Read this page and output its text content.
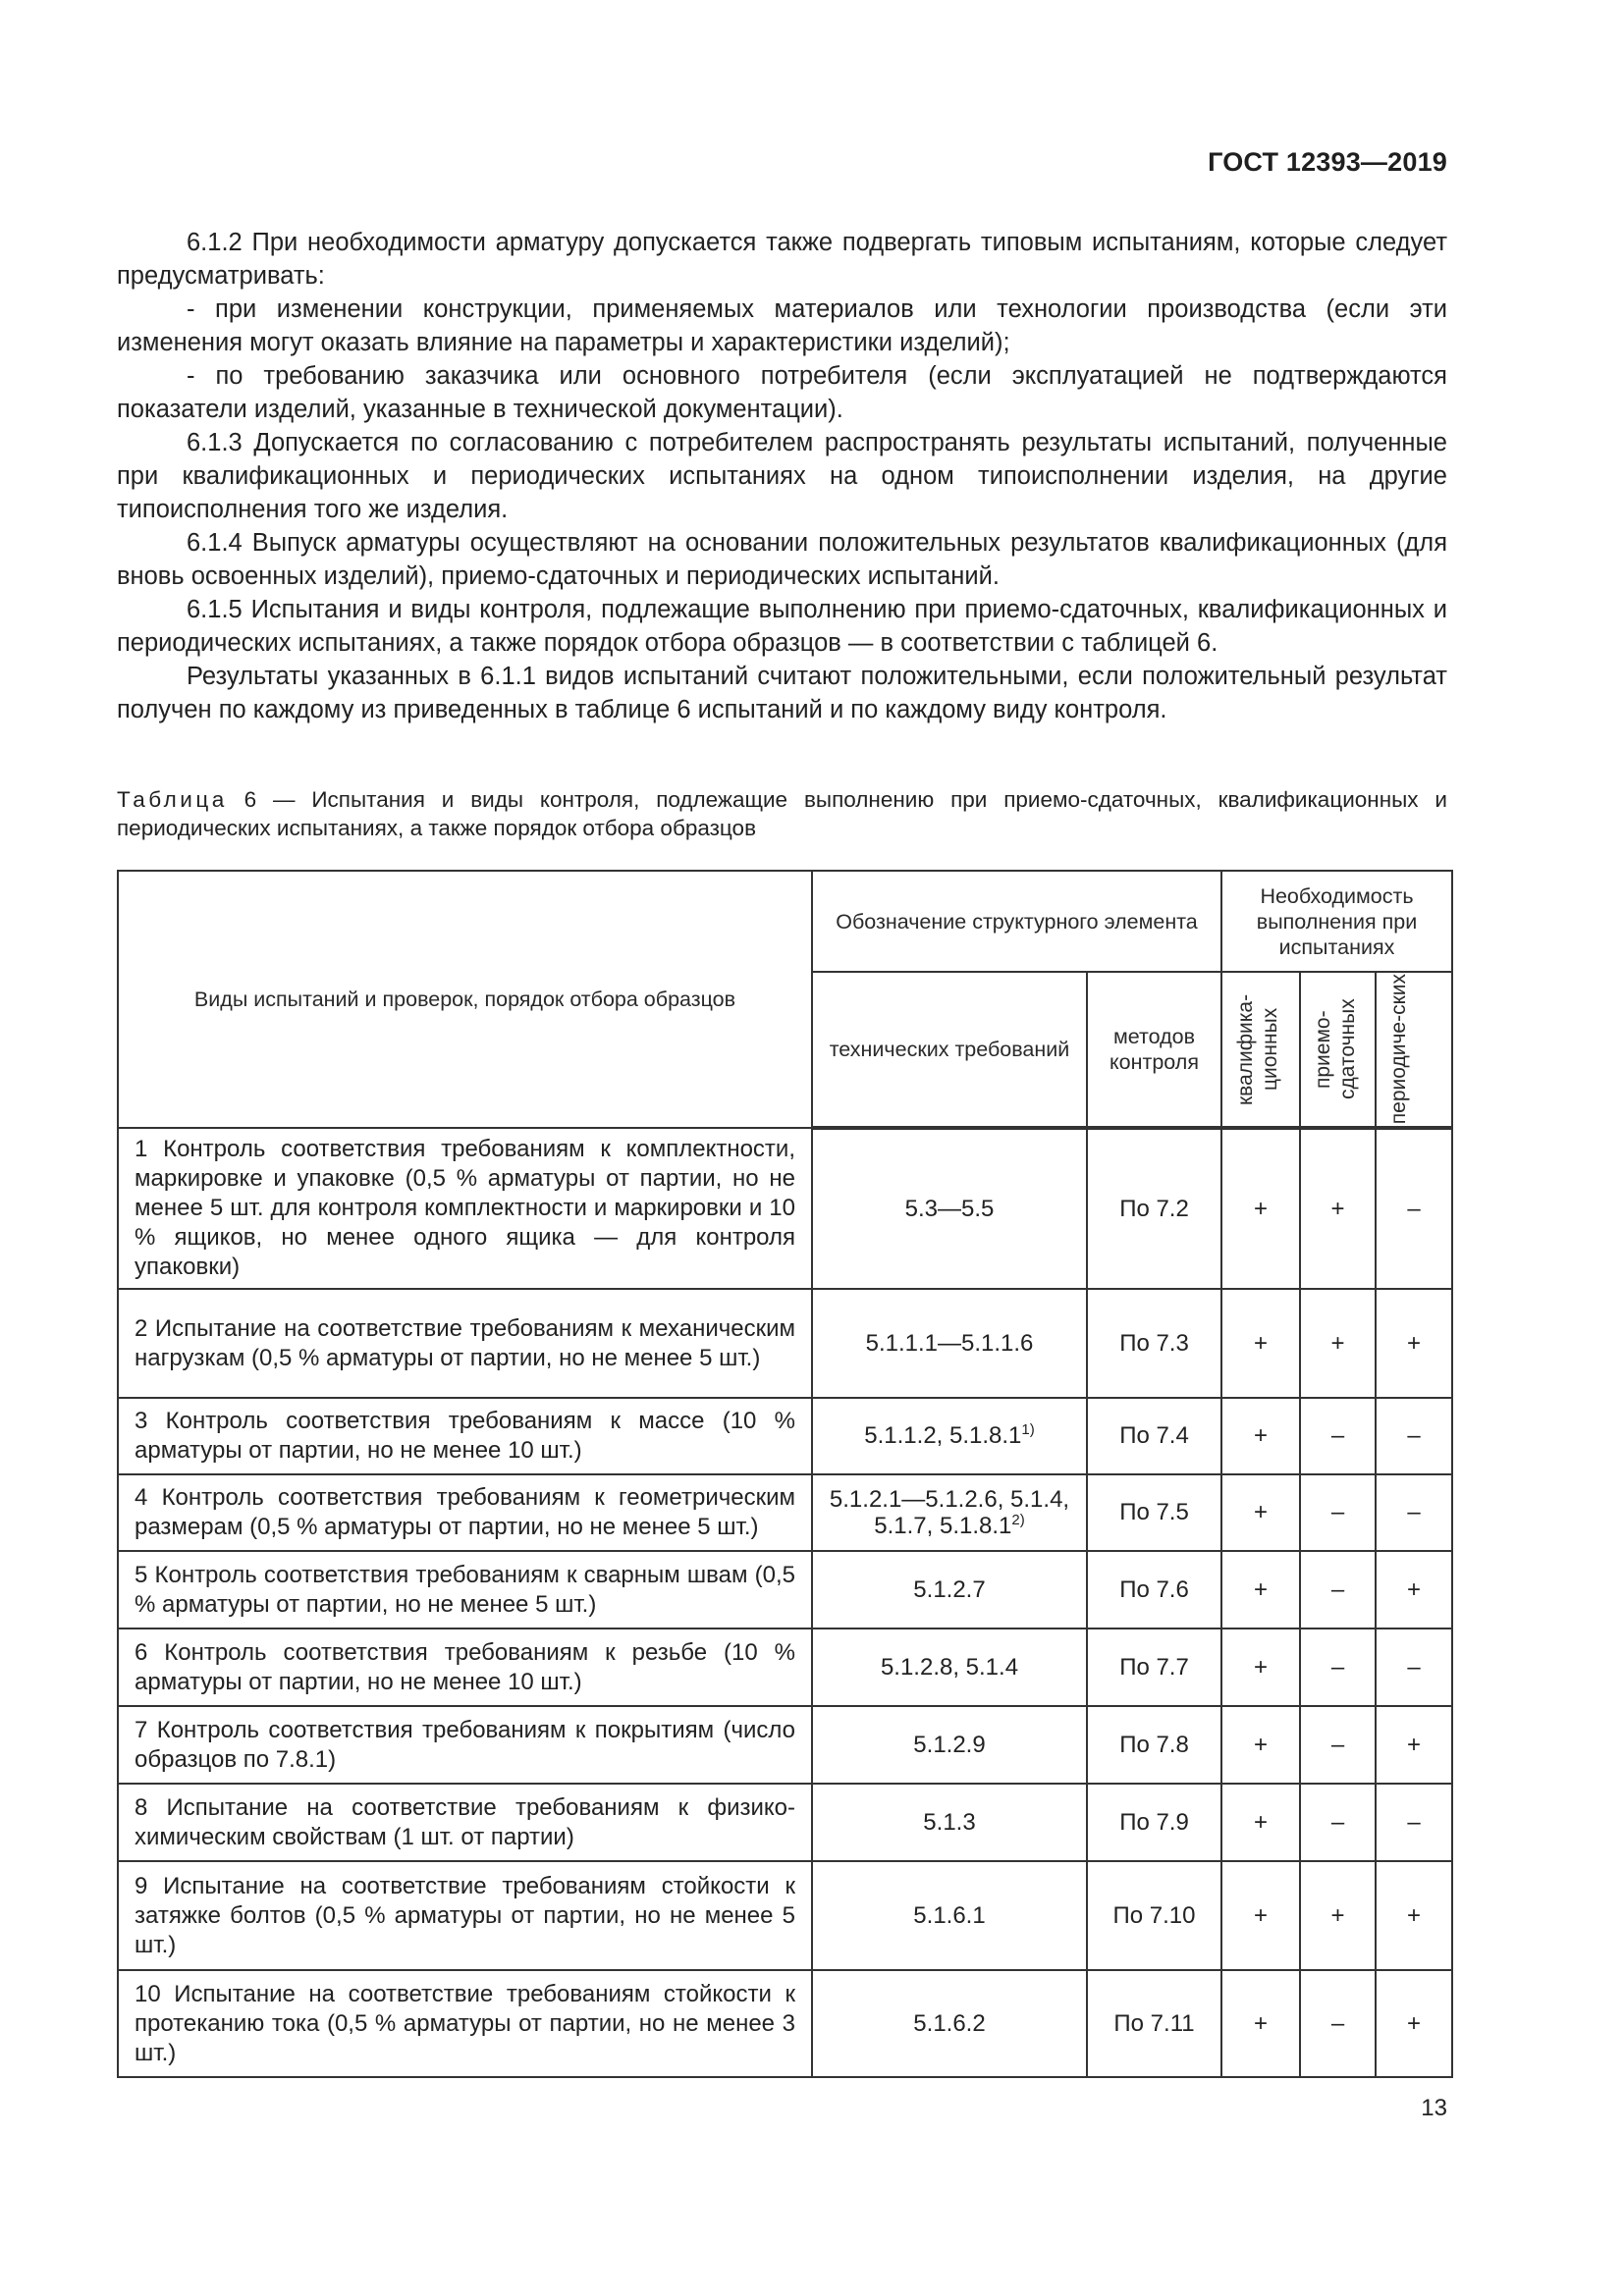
ГОСТ 12393—2019

6.1.2 При необходимости арматуру допускается также подвергать типовым испытаниям, которые следует предусматривать:

- при изменении конструкции, применяемых материалов или технологии производства (если эти изменения могут оказать влияние на параметры и характеристики изделий);

- по требованию заказчика или основного потребителя (если эксплуатацией не подтверждаются показатели изделий, указанные в технической документации).

6.1.3 Допускается по согласованию с потребителем распространять результаты испытаний, полученные при квалификационных и периодических испытаниях на одном типоисполнении изделия, на другие типоисполнения того же изделия.

6.1.4 Выпуск арматуры осуществляют на основании положительных результатов квалификационных (для вновь освоенных изделий), приемо-сдаточных и периодических испытаний.

6.1.5 Испытания и виды контроля, подлежащие выполнению при приемо-сдаточных, квалификационных и периодических испытаниях, а также порядок отбора образцов — в соответствии с таблицей 6.

Результаты указанных в 6.1.1 видов испытаний считают положительными, если положительный результат получен по каждому из приведенных в таблице 6 испытаний и по каждому виду контроля.

Таблица 6 — Испытания и виды контроля, подлежащие выполнению при приемо-сдаточных, квалификационных и периодических испытаниях, а также порядок отбора образцов
Виды испытаний и проверок, порядок отбора образцов	Обозначение структурного элемента		Необходимость выполнения при испытаниях		
	технических требований	методов контроля	квалифика-ционных	приемо-сдаточных	периодиче-ских

1 Контроль соответствия требованиям к комплектности, маркировке и упаковке (0,5 % арматуры от партии, но не менее 5 шт. для контроля комплектности и маркировки и 10 % ящиков, но менее одного ящика — для контроля упаковки)	5.3—5.5	По 7.2	+	+	–
2 Испытание на соответствие требованиям к механическим нагрузкам (0,5 % арматуры от партии, но не менее 5 шт.)	5.1.1.1—5.1.1.6	По 7.3	+	+	+
3 Контроль соответствия требованиям к массе (10 % арматуры от партии, но не менее 10 шт.)	5.1.1.2, 5.1.8.1$^{1)}$	По 7.4	+	–	–
4 Контроль соответствия требованиям к геометрическим размерам (0,5 % арматуры от партии, но не менее 5 шт.)	5.1.2.1—5.1.2.6, 5.1.4, 5.1.7, 5.1.8.1$^{2)}$	По 7.5	+	–	–
5 Контроль соответствия требованиям к сварным швам (0,5 % арматуры от партии, но не менее 5 шт.)	5.1.2.7	По 7.6	+	–	+
6 Контроль соответствия требованиям к резьбе (10 % арматуры от партии, но не менее 10 шт.)	5.1.2.8, 5.1.4	По 7.7	+	–	–
7 Контроль соответствия требованиям к покрытиям (число образцов по 7.8.1)	5.1.2.9	По 7.8	+	–	+
8 Испытание на соответствие требованиям к физико-химическим свойствам (1 шт. от партии)	5.1.3	По 7.9	+	–	–
9 Испытание на соответствие требованиям стойкости к затяжке болтов (0,5 % арматуры от партии, но не менее 5 шт.)	5.1.6.1	По 7.10	+	+	+
10 Испытание на соответствие требованиям стойкости к протеканию тока (0,5 % арматуры от партии, но не менее 3 шт.)	5.1.6.2	По 7.11	+	–	+
13
